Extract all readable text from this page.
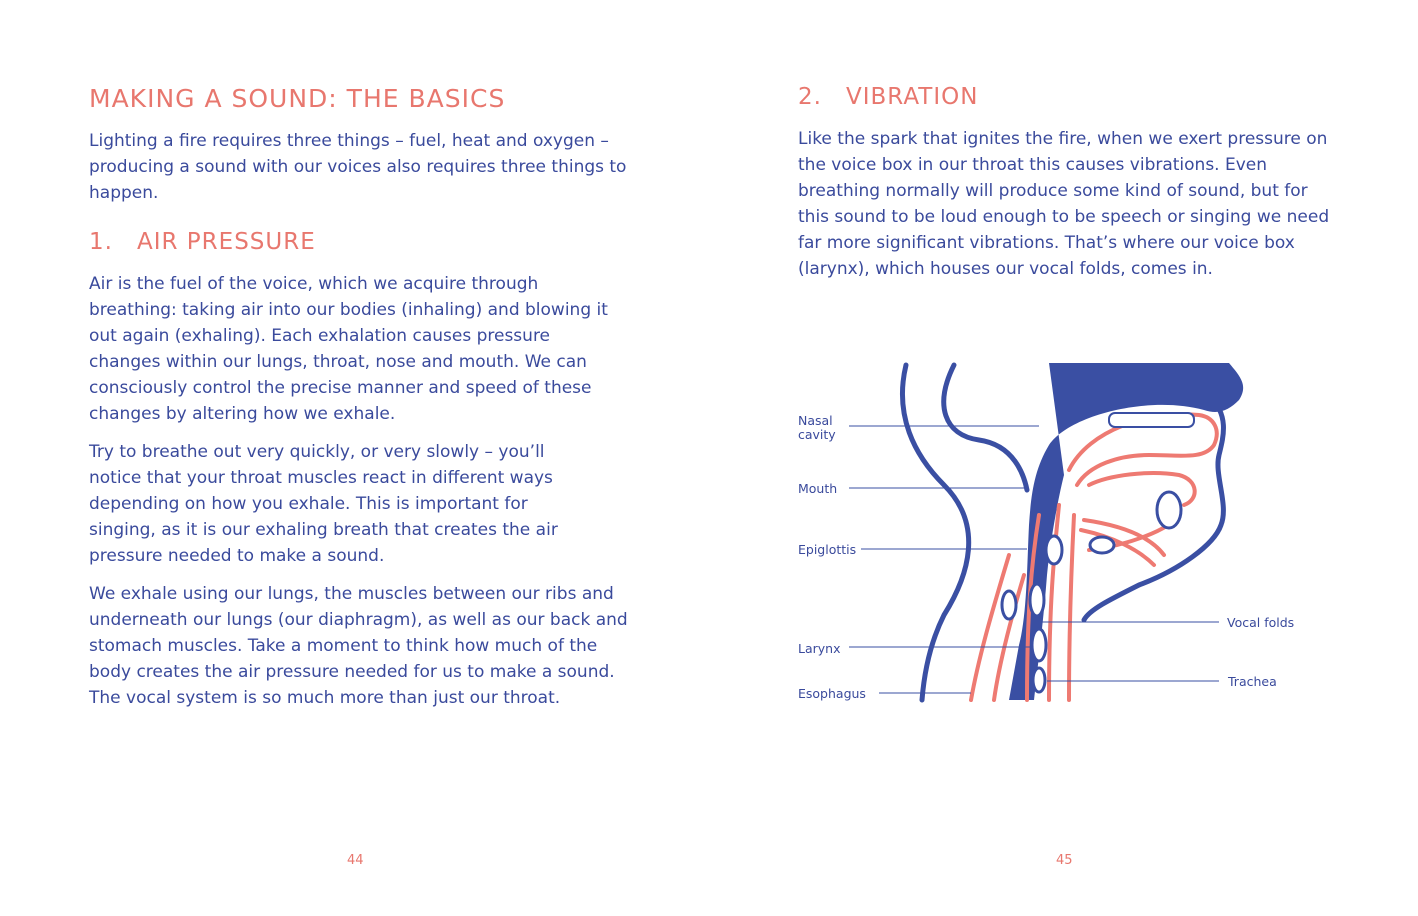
MAKING A SOUND: THE BASICS

Lighting a fire requires three things – fuel, heat and oxygen – producing a sound with our voices also requires three things to happen.

1. AIR PRESSURE

Air is the fuel of the voice, which we acquire through breathing: taking air into our bodies (inhaling) and blowing it out again (exhaling). Each exhalation causes pressure changes within our lungs, throat, nose and mouth. We can consciously control the precise manner and speed of these changes by altering how we exhale.

Try to breathe out very quickly, or very slowly – you’ll notice that your throat muscles react in different ways depending on how you exhale. This is important for singing, as it is our exhaling breath that creates the air pressure needed to make a sound.

We exhale using our lungs, the muscles between our ribs and underneath our lungs (our diaphragm), as well as our back and stomach muscles. Take a moment to think how much of the body creates the air pressure needed for us to make a sound. The vocal system is so much more than just our throat.

44
2. VIBRATION

Like the spark that ignites the fire, when we exert pressure on the voice box in our throat this causes vibrations. Even breathing normally will produce some kind of sound, but for this sound to be loud enough to be speech or singing we need far more significant vibrations. That’s where our voice box (larynx), which houses our vocal folds, comes in.

Nasal
cavity
Mouth
Epiglottis
Larynx
Esophagus
Vocal folds
Trachea
45
